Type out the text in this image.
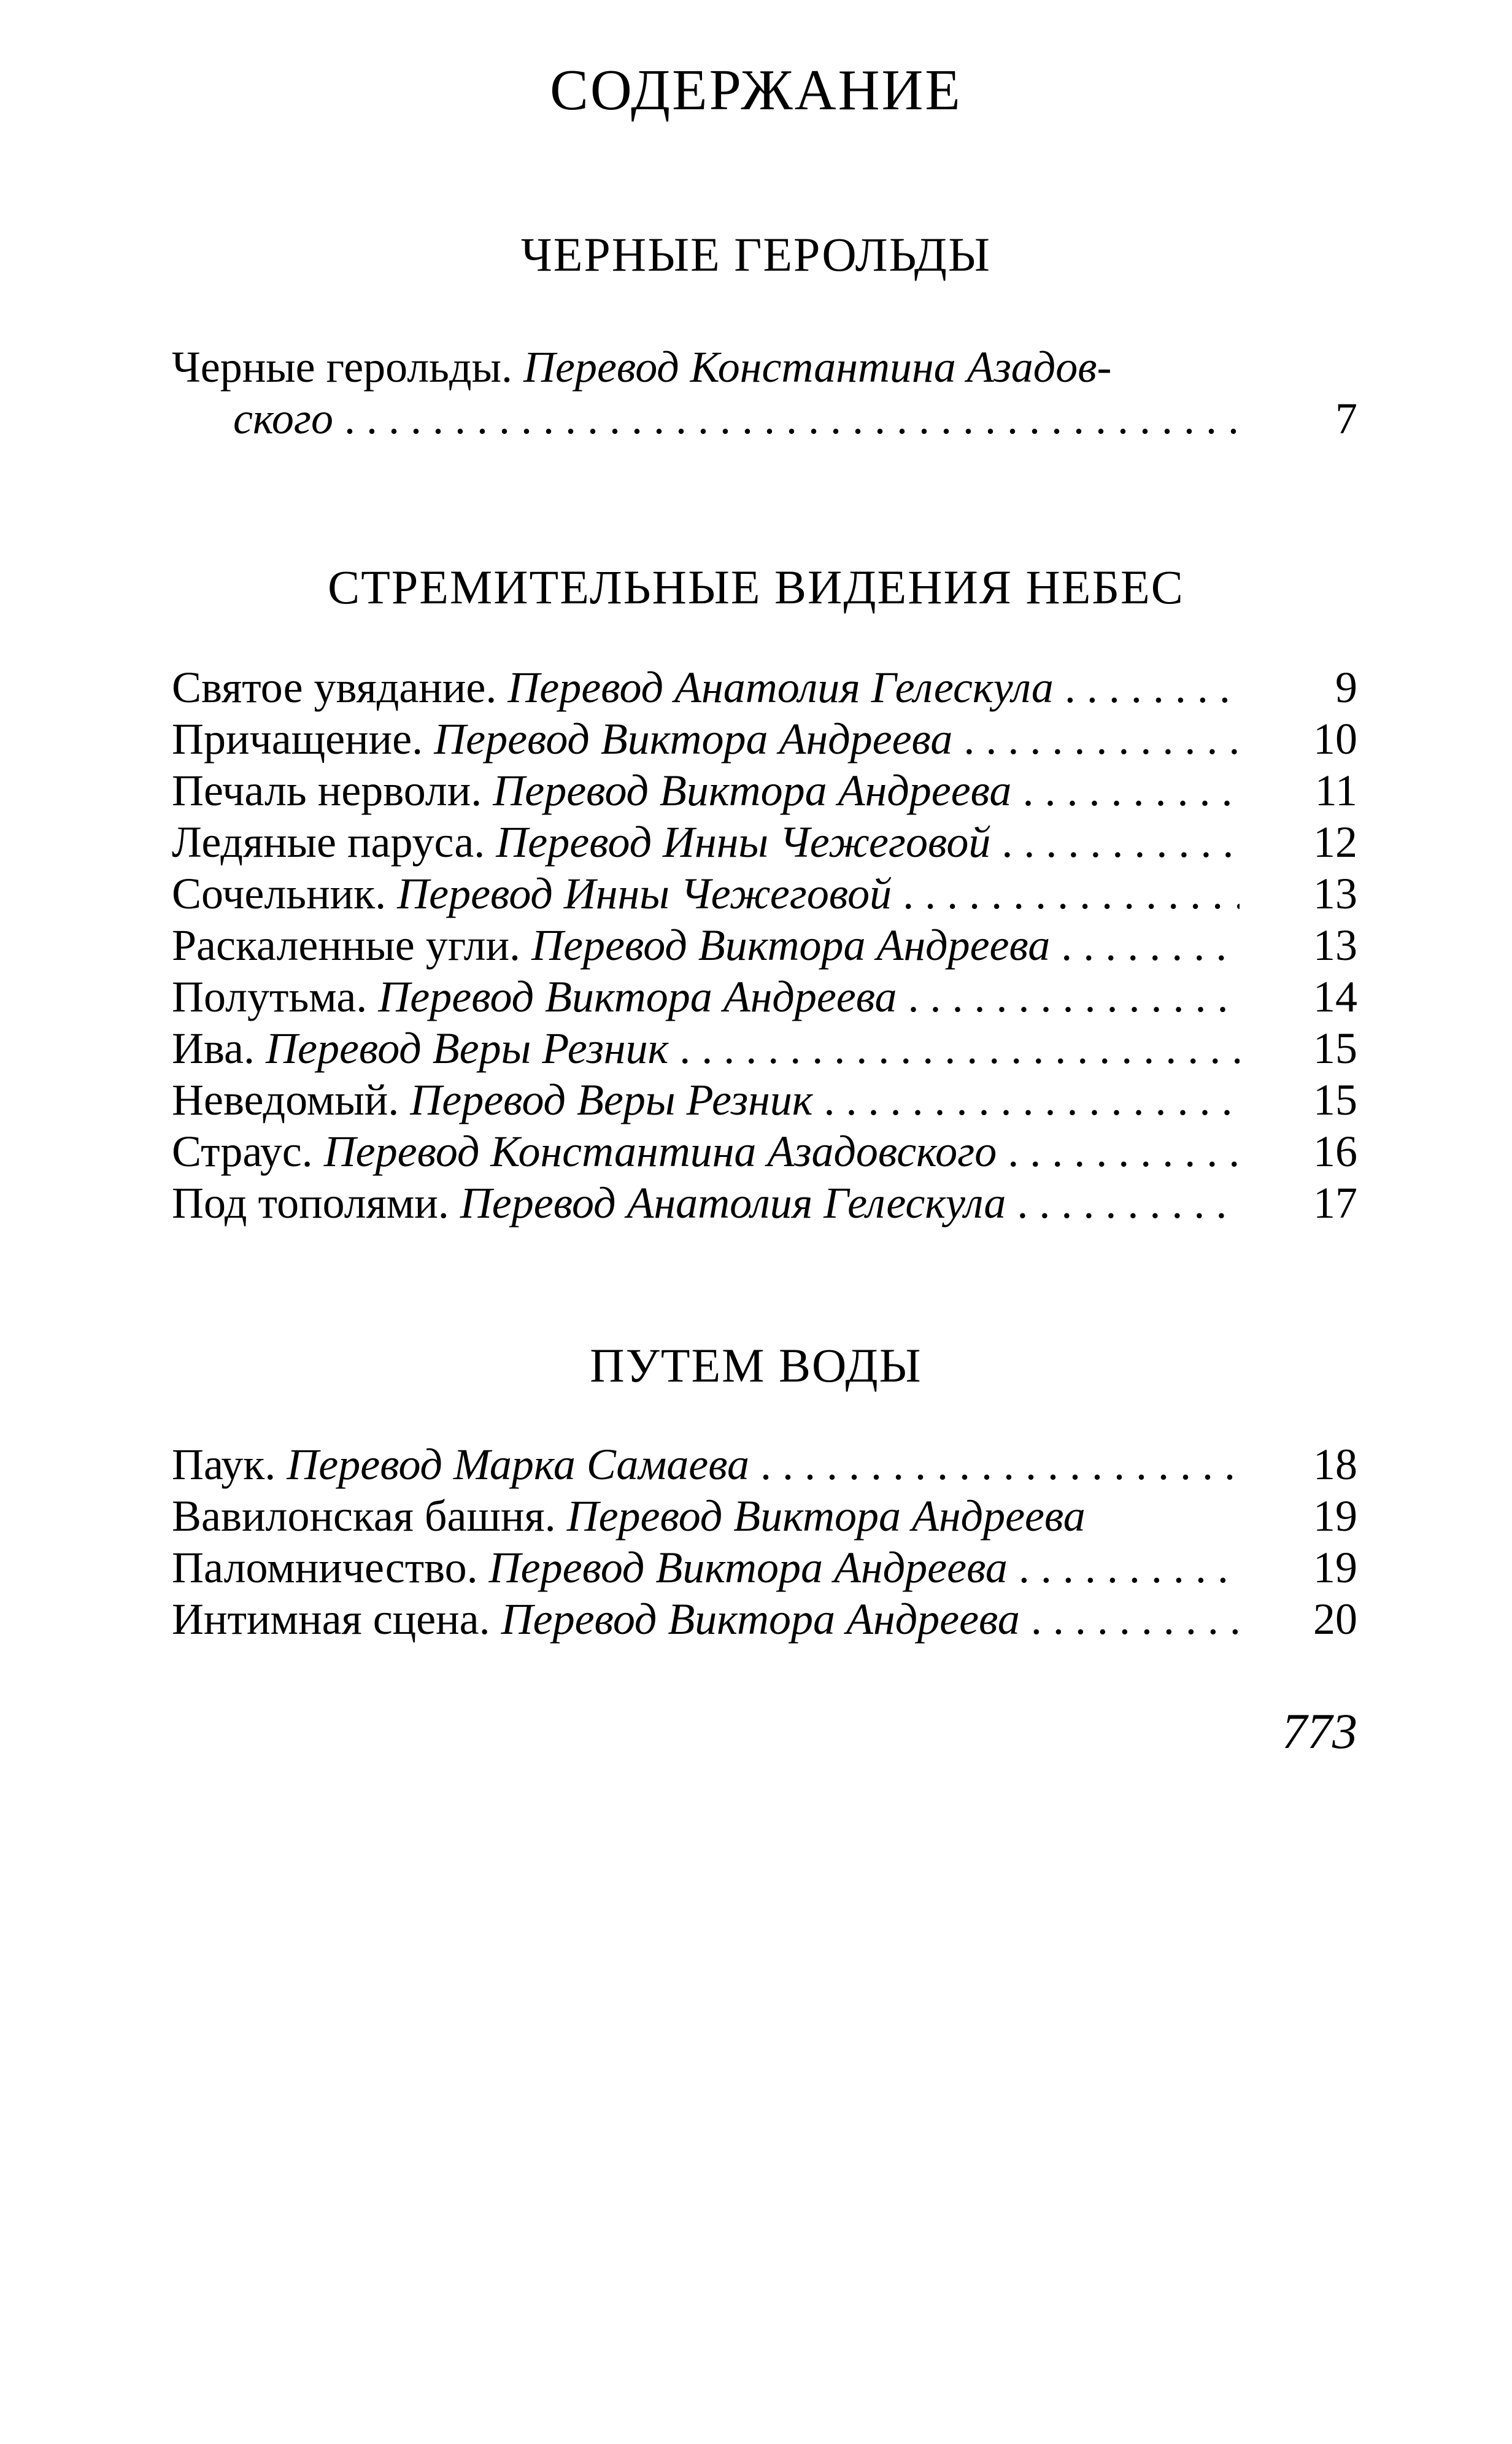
СОДЕРЖАНИЕ
ЧЕРНЫЕ ГЕРОЛЬДЫ
Черные герольды. Перевод Константина Азадов-
ского . . .	7
СТРЕМИТЕЛЬНЫЕ ВИДЕНИЯ НЕБЕС
Святое увядание. Перевод Анатолия Гелескула . . .	9
Причащение. Перевод Виктора Андреева . . .	10
Печаль нерволи. Перевод Виктора Андреева . . .	11
Ледяные паруса. Перевод Инны Чежеговой . . .	12
Сочельник. Перевод Инны Чежеговой . . .	13
Раскаленные угли. Перевод Виктора Андреева . . .	13
Полутьма. Перевод Виктора Андреева . . .	14
Ива. Перевод Веры Резник . . .	15
Неведомый. Перевод Веры Резник . . .	15
Страус. Перевод Константина Азадовского . . .	16
Под тополями. Перевод Анатолия Гелескула . . .	17
ПУТЕМ ВОДЫ
Паук. Перевод Марка Самаева . . .	18
Вавилонская башня. Перевод Виктора Андреева	19
Паломничество. Перевод Виктора Андреева . . .	19
Интимная сцена. Перевод Виктора Андреева . . .	20
773
